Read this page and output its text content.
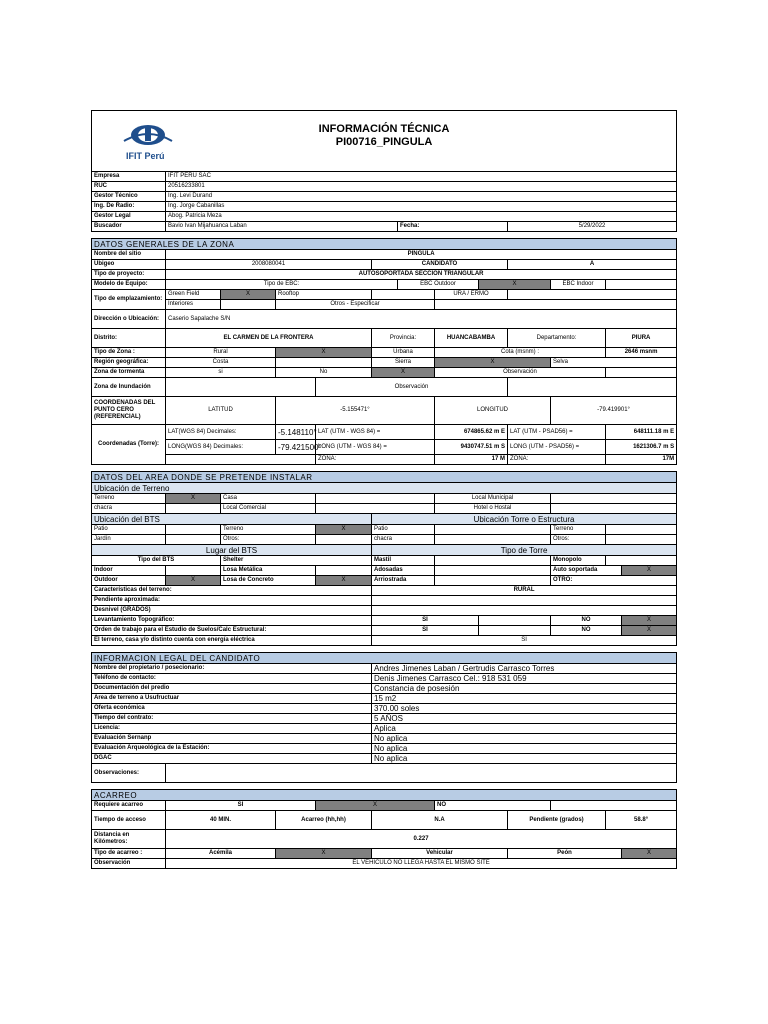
IFIT Perú
INFORMACIÓN TÉCNICA
PI00716_PINGULA												

Empresa	IFIT PERU SAC											
RUC	20516233801											
Gestor Técnico	Ing. Levi Durand											
Ing. De Radio:	Ing. Jorge Cabanillas											
Gestor Legal	Abog. Patricia Meza											
Buscador	Bavio Ivan Mijahuanca Laban					Fecha:			5/29/2022			

DATOS GENERALES DE LA ZONA												
Nombre del sitio	PINGULA											
Ubigeo	2008080041				CANDIDATO				A			
Tipo de proyecto:	AUTOSOPORTADA SECCION TRIANGULAR											
Modelo de Equipo:	Tipo de EBC:					EBC Outdoor		X		EBC Indoor		
Tipo de emplazamiento:	Green Field	X	Rooftop				URA / ERMO					
	Interiores		Otros - Especificar									
Dirección o Ubicación:	Caserio Sapalache S/N											
Distrito:	EL CARMEN DE LA FRONTERA				Provincia:		HUANCABAMBA		Departamento:		PIURA	
Tipo de Zona :	Rural		X		Urbana		Cota (msnm) :				2646 msnm	
Región geográfica:	Costa				Sierra		X			Selva		
Zona de tormenta	si		No		X		Observación					
Zona de Inundación				Observación								
COORDENADAS DEL PUNTO CERO (REFERENCIAL)	LATITUD		-5.155471°				LONGITUD			-79.419901°		
Coordenadas (Torre):	LAT(WGS 84) Decimales:		-5.148110°	LAT (UTM - WGS 84) =			674865.62 m E		LAT (UTM - PSAD56) =		648111.18 m E	
	LONG(WGS 84) Decimales:		-79.421500°	LONG (UTM - WGS 84) =			9430747.51 m S		LONG (UTM - PSAD56) =		1621306.7 m S	
				ZONA:			17 M		ZONA:		17M	

DATOS DEL AREA DONDE SE PRETENDE INSTALAR												
Ubicación de Terreno												
Terreno	X	Casa					Local Municipal					
chacra		Local Comercial					Hotel o Hostal					
Ubicación del BTS					Ubicación Torre o Estructura							
Patio		Terreno		X	Patio					Terreno		
Jardín		Otros:			chacra					Otros:		
Lugar del BTS					Tipo de Torre							
Tipo del BTS		Shelter			Mastil					Monopolo		
Indoor		Losa Metálica			Adosadas					Auto soportada		X
Outdoor	X	Losa de Concreto		X	Arriostrada					OTRO:		
Características del terreno:					RURAL							
Pendiente aproximada:												
Desnivel (GRADOS)												
Levantamiento Topográfico:					SI					NO		X
Orden de trabajo para el Estudio de Suelos/Calc Estructural:					SI					NO		X
El terreno, casa y/o distinto cuenta con energía eléctrica					SI							

INFORMACION LEGAL DEL CANDIDATO												
Nombre del propietario / posecionario:					Andres Jimenes Laban / Gertrudis Carrasco Torres							
Teléfono de contacto:					Denis Jimenes Carrasco Cel.: 918 531 059							
Documentación del predio					Constancia de posesión							
Area de terreno a Usufructuar					15 m2							
Oferta económica					370.00 soles							
Tiempo del contrato:					5 AÑOS							
Licencia:					Aplica							
Evaluación Sernanp					No aplica							
Evaluación Arqueológica de la Estación:					No aplica							
DGAC					No aplica							
Observaciones:												

ACARREO												
Requiere acarreo	SI			X			NO					
Tiempo de acceso	40 MIN.		Acarreo (hh,hh)		N.A				Pendiente (grados)		58.8°	
Distancia en Kilómetros:	0.227											
Tipo de acarreo :	Acémila		X		Vehicular				Peón			X
Observación	EL VEHICULO NO LLEGA HASTA EL MISMO SITE											
